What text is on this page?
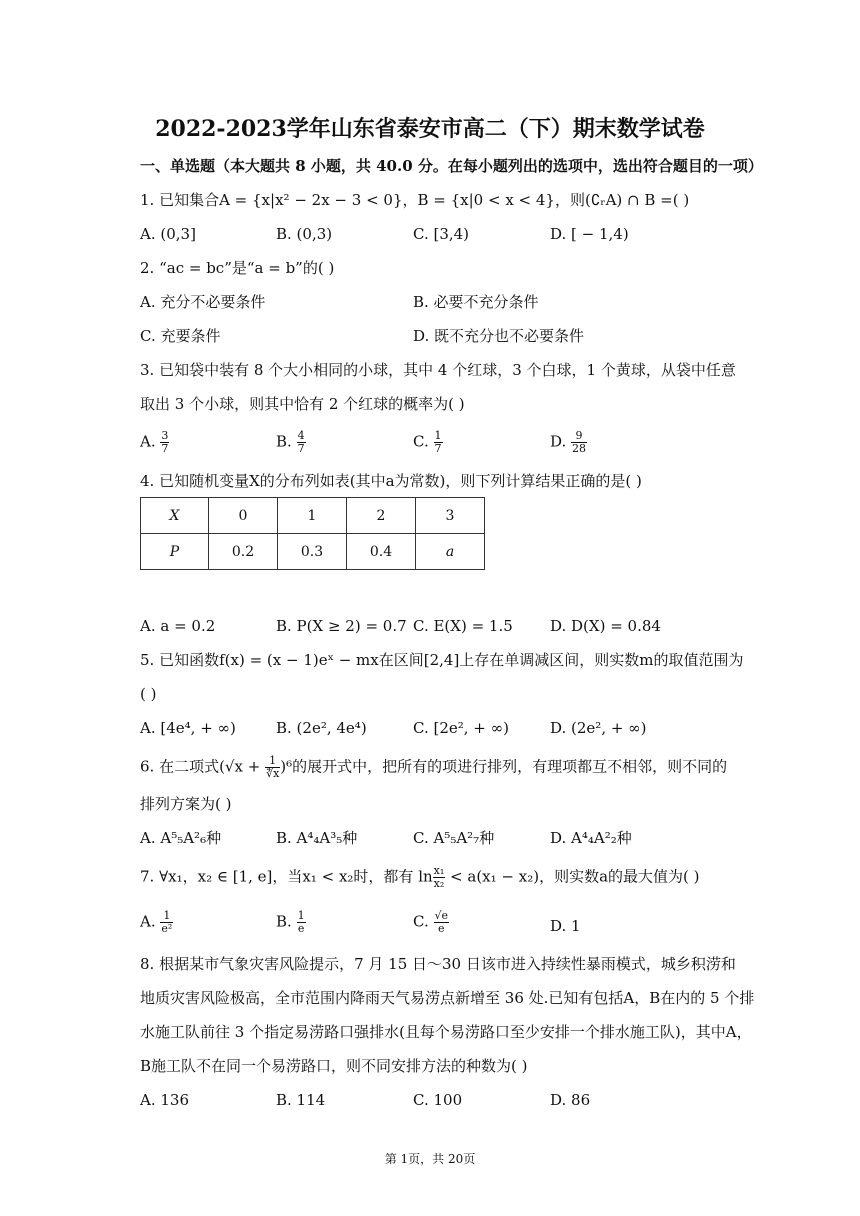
2022-2023学年山东省泰安市高二（下）期末数学试卷
一、单选题（本大题共 8 小题，共 40.0 分。在每小题列出的选项中，选出符合题目的一项）
1. 已知集合A = {x|x² − 2x − 3 < 0}，B = {x|0 < x < 4}，则(∁ᵣA) ∩ B =( )
A. (0,3]	B. (0,3)	C. [3,4)	D. [ − 1,4)
2. “ac = bc”是“a = b”的( )
A. 充分不必要条件	B. 必要不充分条件
C. 充要条件	D. 既不充分也不必要条件
3. 已知袋中装有 8 个大小相同的小球，其中 4 个红球，3 个白球，1 个黄球，从袋中任意
取出 3 个小球，则其中恰有 2 个红球的概率为( )
A. $\frac{3}{7}$	B. $\frac{4}{7}$	C. $\frac{1}{7}$	D. $\frac{9}{28}$
4. 已知随机变量X的分布列如表(其中a为常数)，则下列计算结果正确的是( )
X	0	1	2	3
P	0.2	0.3	0.4	a
A. a = 0.2	B. P(X ≥ 2) = 0.7 C. E(X) = 1.5 D. D(X) = 0.84
5. 已知函数f(x) = (x − 1)eˣ − mx在区间[2,4]上存在单调减区间，则实数m的取值范围为
( )
A. [4e⁴, + ∞)	B. (2e², 4e⁴)	C. [2e², + ∞)	D. (2e², + ∞)
6. 在二项式$(√x + \frac{1}{∜x} )^6$的展开式中，把所有的项进行排列，有理项都互不相邻，则不同的
排列方案为( )
A. A⁵₅A²₆种	B. A⁴₄A³₅种	C. A⁵₅A²₇种	D. A⁴₄A²₂种
7. ∀x₁，x₂ ∈ [1, e]，当x₁ < x₂时，都有 $\ln \frac{\text{x₁}}{\text{x₂}} < a(x_1 - x_2)$，则实数a的最大值为( )
A. $\frac{1}{\text{e²}}$	B. $\frac{1}{e}$	C. $\frac{√e}{e}$	D. 1
8. 根据某市气象灾害风险提示，7 月 15 日～30 日该市进入持续性暴雨模式，城乡积涝和
地质灾害风险极高，全市范围内降雨天气易涝点新增至 36 处.已知有包括A，B在内的 5 个排
水施工队前往 3 个指定易涝路口强排水(且每个易涝路口至少安排一个排水施工队)，其中A，
B施工队不在同一个易涝路口，则不同安排方法的种数为( )
A. 136	B. 114	C. 100	D. 86
第 1页，共 20页
